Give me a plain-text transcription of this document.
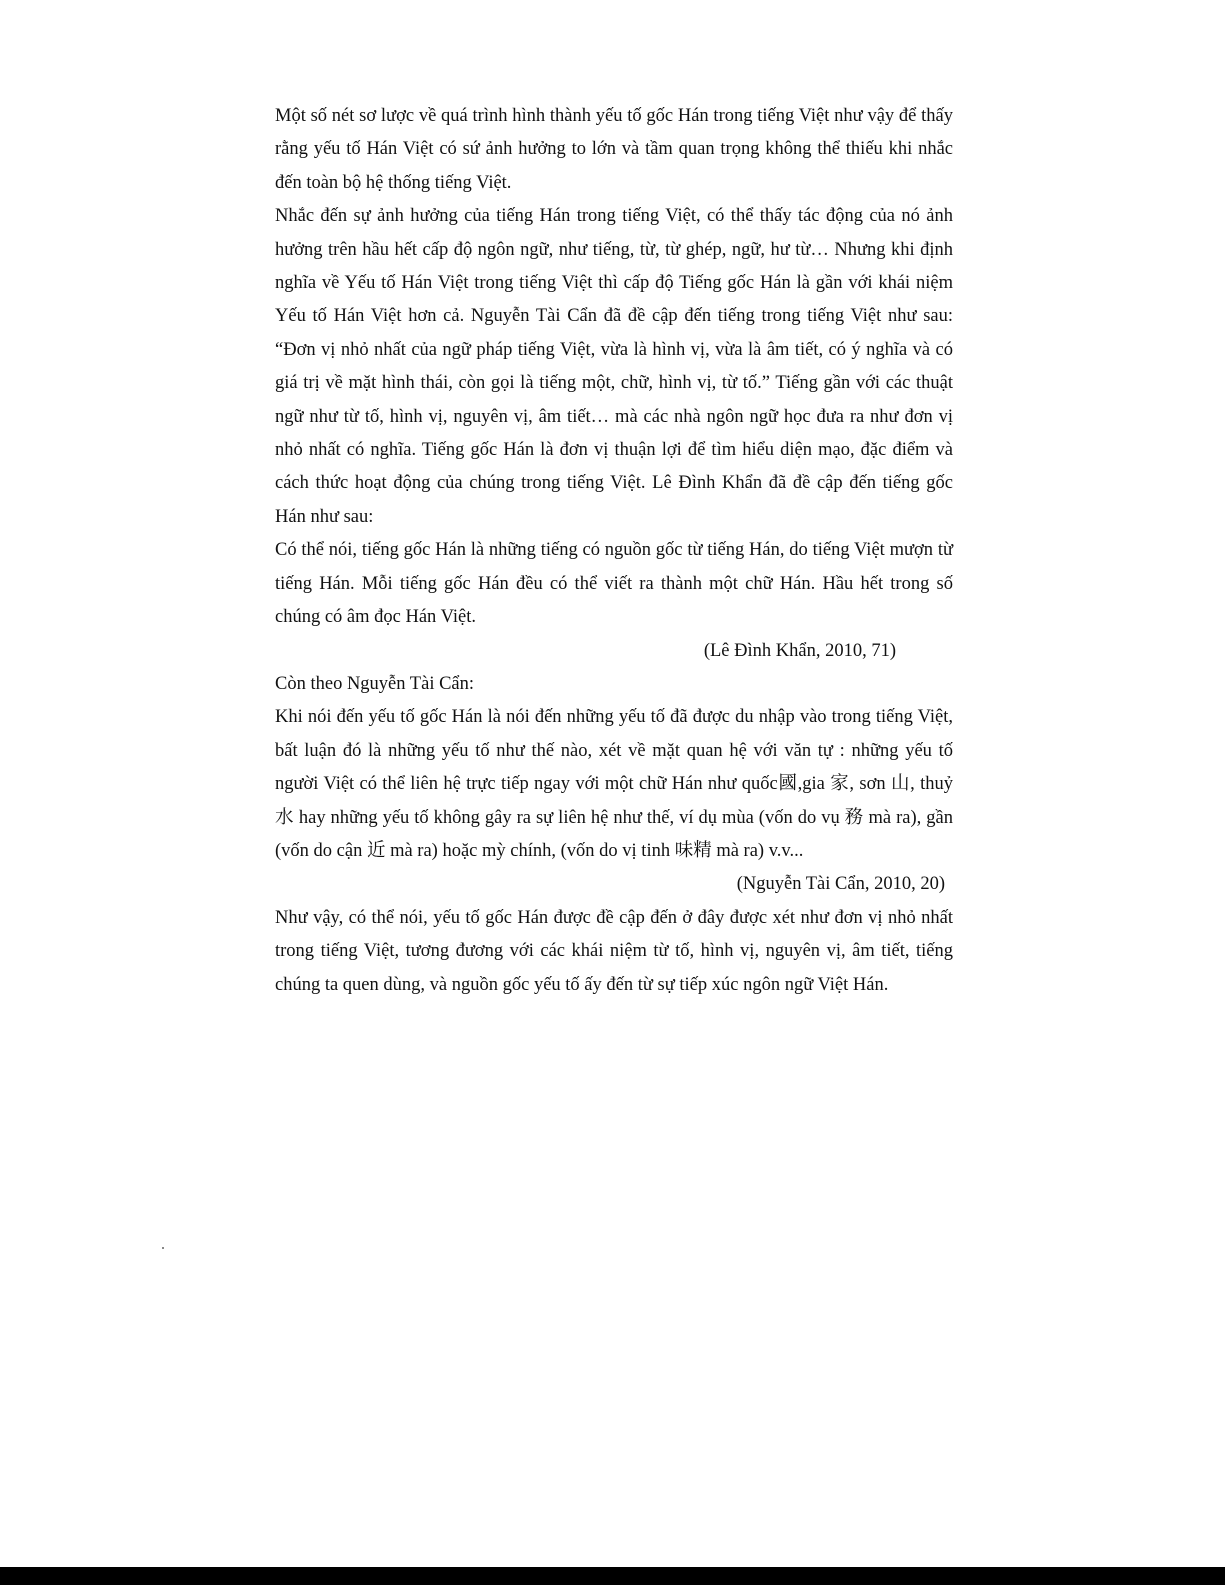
Một số nét sơ lược về quá trình hình thành yếu tố gốc Hán trong tiếng Việt như vậy để thấy rằng yếu tố Hán Việt có sứ ảnh hưởng to lớn và tầm quan trọng không thể thiếu khi nhắc đến toàn bộ hệ thống tiếng Việt.

Nhắc đến sự ảnh hưởng của tiếng Hán trong tiếng Việt, có thể thấy tác động của nó ảnh hưởng trên hầu hết cấp độ ngôn ngữ, như tiếng, từ, từ ghép, ngữ, hư từ… Nhưng khi định nghĩa về Yếu tố Hán Việt trong tiếng Việt thì cấp độ Tiếng gốc Hán là gần với khái niệm Yếu tố Hán Việt hơn cả. Nguyễn Tài Cẩn đã đề cập đến tiếng trong tiếng Việt như sau: “Đơn vị nhỏ nhất của ngữ pháp tiếng Việt, vừa là hình vị, vừa là âm tiết, có ý nghĩa và có giá trị về mặt hình thái, còn gọi là tiếng một, chữ, hình vị, từ tố.” Tiếng gần với các thuật ngữ như từ tố, hình vị, nguyên vị, âm tiết… mà các nhà ngôn ngữ học đưa ra như đơn vị nhỏ nhất có nghĩa. Tiếng gốc Hán là đơn vị thuận lợi để tìm hiểu diện mạo, đặc điểm và cách thức hoạt động của chúng trong tiếng Việt. Lê Đình Khẩn đã đề cập đến tiếng gốc Hán như sau:

Có thể nói, tiếng gốc Hán là những tiếng có nguồn gốc từ tiếng Hán, do tiếng Việt mượn từ tiếng Hán. Mỗi tiếng gốc Hán đều có thể viết ra thành một chữ Hán. Hầu hết trong số chúng có âm đọc Hán Việt.

(Lê Đình Khẩn, 2010, 71)

Còn theo Nguyễn Tài Cẩn:

Khi nói đến yếu tố gốc Hán là nói đến những yếu tố đã được du nhập vào trong tiếng Việt, bất luận đó là những yếu tố như thế nào, xét về mặt quan hệ với văn tự : những yếu tố người Việt có thể liên hệ trực tiếp ngay với một chữ Hán như quốc國,gia 家, sơn 山, thuỷ 水 hay những yếu tố không gây ra sự liên hệ như thế, ví dụ mùa (vốn do vụ 務 mà ra), gần (vốn do cận 近 mà ra) hoặc mỳ chính, (vốn do vị tinh 味精 mà ra) v.v...

(Nguyễn Tài Cẩn, 2010, 20)

Như vậy, có thể nói, yếu tố gốc Hán được đề cập đến ở đây được xét như đơn vị nhỏ nhất trong tiếng Việt, tương đương với các khái niệm từ tố, hình vị, nguyên vị, âm tiết, tiếng chúng ta quen dùng, và nguồn gốc yếu tố ấy đến từ sự tiếp xúc ngôn ngữ Việt Hán.
